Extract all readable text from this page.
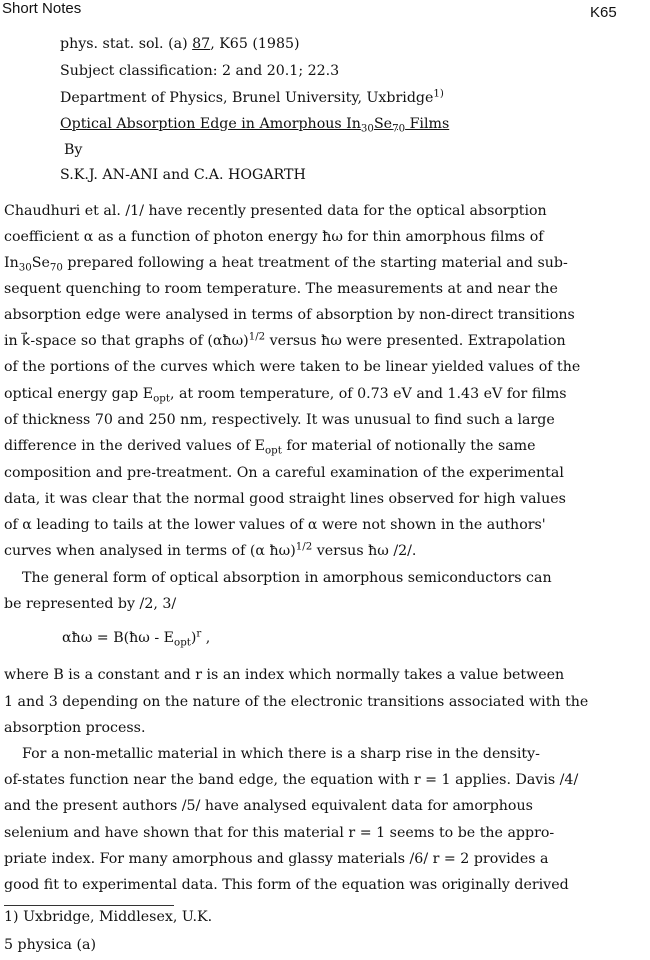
Short Notes	K65
phys. stat. sol. (a) 87, K65 (1985)
Subject classification: 2 and 20.1; 22.3
Department of Physics, Brunel University, Uxbridge$^{1)}$
Optical Absorption Edge in Amorphous $In_{30}Se_{70}$ Films
By
S.K.J. AN-ANI and C.A. HOGARTH
Chaudhuri et al. /1/ have recently presented data for the optical absorption
coefficient α as a function of photon energy ħω for thin amorphous films of
$In_{30}Se_{70}$ prepared following a heat treatment of the starting material and sub-
sequent quenching to room temperature. The measurements at and near the
absorption edge were analysed in terms of absorption by non-direct transitions
in k⃗-space so that graphs of (αħω)$^{1/2}$ versus ħω were presented. Extrapolation
of the portions of the curves which were taken to be linear yielded values of the
optical energy gap $E_{opt}$, at room temperature, of 0.73 eV and 1.43 eV for films
of thickness 70 and 250 nm, respectively. It was unusual to find such a large
difference in the derived values of $E_{opt}$ for material of notionally the same
composition and pre-treatment. On a careful examination of the experimental
data, it was clear that the normal good straight lines observed for high values
of α leading to tails at the lower values of α were not shown in the authors'
curves when analysed in terms of (α ħω)$^{1/2}$ versus ħω /2/.
The general form of optical absorption in amorphous semiconductors can
be represented by /2, 3/
αħω = B(ħω - $E_{opt})^r$ ,
where B is a constant and r is an index which normally takes a value between
1 and 3 depending on the nature of the electronic transitions associated with the
absorption process.
For a non-metallic material in which there is a sharp rise in the density-
of-states function near the band edge, the equation with r = 1 applies. Davis /4/
and the present authors /5/ have analysed equivalent data for amorphous
selenium and have shown that for this material r = 1 seems to be the appro-
priate index. For many amorphous and glassy materials /6/ r = 2 provides a
good fit to experimental data. This form of the equation was originally derived
1) Uxbridge, Middlesex, U.K.
5 physica (a)
